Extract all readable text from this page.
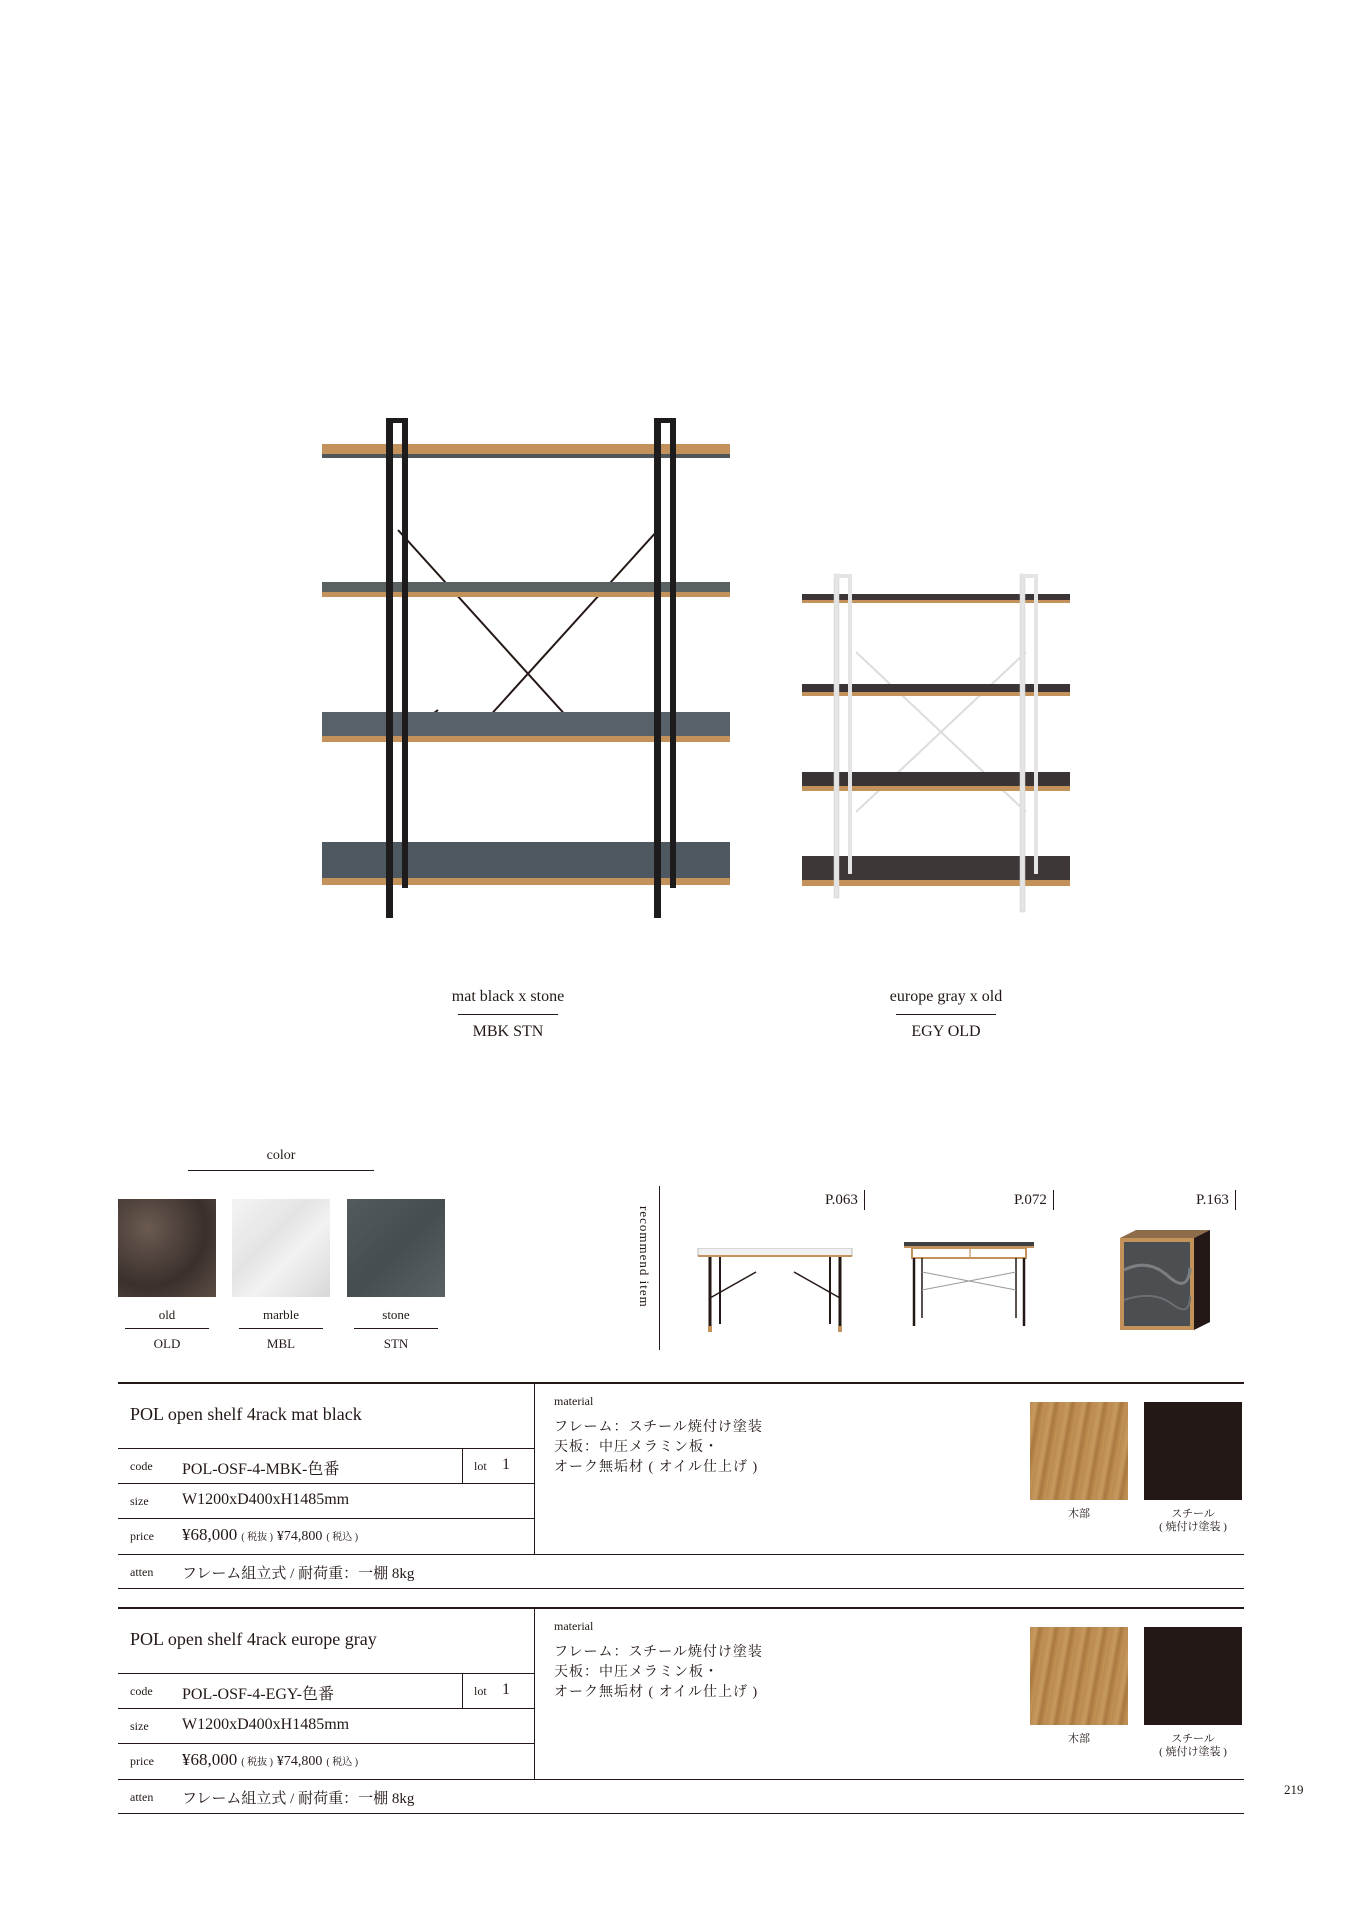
mat black x stone
MBK STN
europe gray x old
EGY OLD
color
old
OLD
marble
MBL
stone
STN
recommend item
P.063	P.072	P.163
POL open shelf 4rack mat black
code POL-OSF-4-MBK-色番	lot 1
size W1200xD400xH1485mm
price ¥68,000 ( 税抜 ) ¥74,800 ( 税込 )
atten フレーム組立式 / 耐荷重：一棚 8kg
material
フレーム：スチール焼付け塗装
天板：中圧メラミン板・
オーク無垢材 ( オイル仕上げ )
木部	スチール
( 焼付け塗装 )
POL open shelf 4rack europe gray
code POL-OSF-4-EGY-色番	lot 1
size W1200xD400xH1485mm
price ¥68,000 ( 税抜 ) ¥74,800 ( 税込 )
atten フレーム組立式 / 耐荷重：一棚 8kg
material
フレーム：スチール焼付け塗装
天板：中圧メラミン板・
オーク無垢材 ( オイル仕上げ )
木部	スチール
( 焼付け塗装 )
219
